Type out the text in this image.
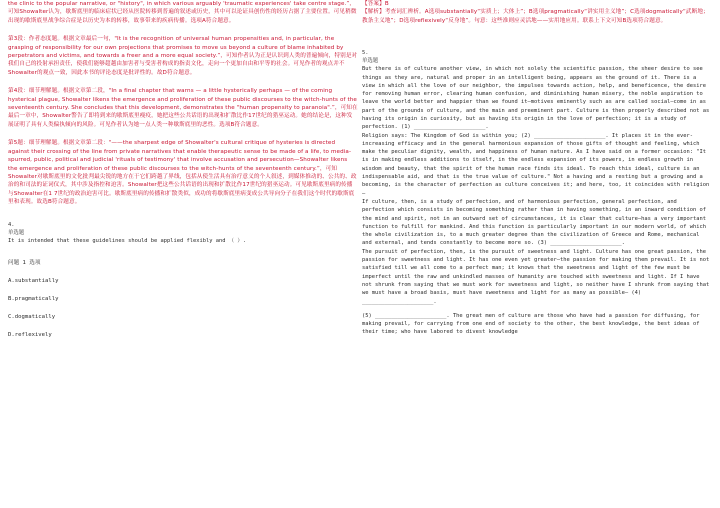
the clinic to the popular narrative, or "history", in which various arguably 'traumatic experiences' take centre stage.”，可知Showalter认为，歇斯底里的临床症状已经从医院转移到普遍的叙述或历史，其中可以论证具创伤性的经历占据了主要位置。可见稍微出现的歇斯底里战争综合症是以历史为本的转移，故事带来的疾病传播。选项A符合题意。

第3段：作者态度题。根据文章最后一句，"It is the recognition of universal human propensities and, in particular, the grasping of responsibility for our own projections that promises to move us beyond a culture of blame inhabited by perpetrators and victims, and towards a freer and a more equal society.”，可知作者认为正是认识到人类的普遍倾向，特别是对我们自己的投射承担责任，使我们能够超越由加害者与受害者构成的指责文化，走向一个更加自由和平等的社会。可见作者的观点并不Showalter的观点一致，因此本书的评论态度是批评性的。故D符合题意。

第4段：细节理解题。根据文章第二段，"In a final chapter that warns — a little hysterically perhaps — of the coming hysterical plague, Showalter likens the emergence and proliferation of these public discourses to the witch-hunts of the seventeenth century. She concludes that this development, demonstrates the "human propensity to paranoia".”，可知在最后一章中，Showalter警告了即将到来的歇斯底里瘦疫，她把这些公共话语的出现和扩散比作17世纪的猎巫运动。她的结论是，这种发展证明了具有人类偏执倾向的风险。可见作者认为她一点人类一种歇斯底里的恶性。选项B符合题意。

第5题：细节理解题。根据文章第二段："——the sharpest edge of Showalter's cultural critique of hysteries is directed against their crossing of the line from private narratives that enable therapeutic sense to be made of a life, to media-spurred, public, political and judicial 'rituals of testimony' that involve accusation and persecution—Showalter likens the emergence and proliferation of these public discourses to the witch-hunts of the seventeenth century.”，可知Showalter对歇斯底里的文化批判最尖锐的地方在于它们跨越了界线，包括从使生活具有治疗意义的个人叙述，到媒体推动的、公共的、政治的和司法的证词仪式，其中涉及指控和迫害。Showalter把这些公共话语的出现和扩散比作17世纪的猎巫运动。可见歇斯底里病的传播与Showalter在1 7世纪的政治迫害可比。歇斯底里病的传播和扩散类似，成功的将歇斯底里病变成公共导向分子在我们这个时代的歇斯底里和表现。故选B符合题意。

4.

单选题

It is intended that these guidelines should be applied flexibly and （ ）.

问题 1 选项

A.substantially

B.pragmatically

C.dogmatically

D.reflexively

【答案】B

【解析】考查词汇辨析。A选项substantially“实质上；大体上”；B选项pragmatically“讲实用主义地”；C选项dogmatically“武断地；教条主义地”；D选项reflexively“反身地”。句意：这些准则应灵活地——实用地应用。联系上下文可知B选项符合题意。

5.

单选题

But there is of culture another view, in which not solely the scientific passion, the sheer desire to see things as they are, natural and proper in an intelligent being, appears as the ground of it. There is a view in which all the love of our neighbor, the impulses towards action, help, and beneficence, the desire for removing human error, clearing human confusion, and diminishing human misery, the noble aspiration to leave the world better and happier than we found it—motives eminently such as are called social—come in as part of the grounds of culture, and the main and preeminent part. Culture is then properly described not as having its origin in curiosity, but as having its origin in the love of perfection; it is a study of perfection. (1) ______________________.

Religion says: The Kingdom of God is within you; (2) ______________________. It places it in the ever-increasing efficacy and in the general harmonious expansion of those gifts of thought and feeling, which make the peculiar dignity, wealth, and happiness of human nature. As I have said on a former occasion: "It is in making endless additions to itself, in the endless expansion of its powers, in endless growth in wisdom and beauty, that the spirit of the human race finds its ideal. To reach this ideal, culture is an indispensable aid, and that is the true value of culture." Not a having and a resting but a growing and a becoming, is the character of perfection as culture conceives it; and here, too, it coincides with religion—

If culture, then, is a study of perfection, and of harmonious perfection, general perfection, and perfection which consists in becoming something rather than in having something, in an inward condition of the mind and spirit, not in an outward set of circumstances, it is clear that culture—has a very important function to fulfill for mankind. And this function is particularly important in our modern world, of which the whole civilization is, to a much greater degree than the civilization of Greece and Rome, mechanical and external, and tends constantly to become more so. (3) ______________________.

The pursuit of perfection, then, is the pursuit of sweetness and light. Culture has one great passion, the passion for sweetness and light. It has one even yet greater—the passion for making them prevail. It is not satisfied till we all come to a perfect man; it knows that the sweetness and light of the few must be imperfect until the raw and unkindled masses of humanity are touched with sweetness and light. If I have not shrunk from saying that we must work for sweetness and light, so neither have I shrunk from saying that we must have a broad basis, must have sweetness and light for as many as possible— (4) ______________________.

(5) ______________________. The great men of culture are those who have had a passion for diffusing, for making prevail, for carrying from one end of society to the other, the best knowledge, the best ideas of their time; who have labored to divest knowledge
